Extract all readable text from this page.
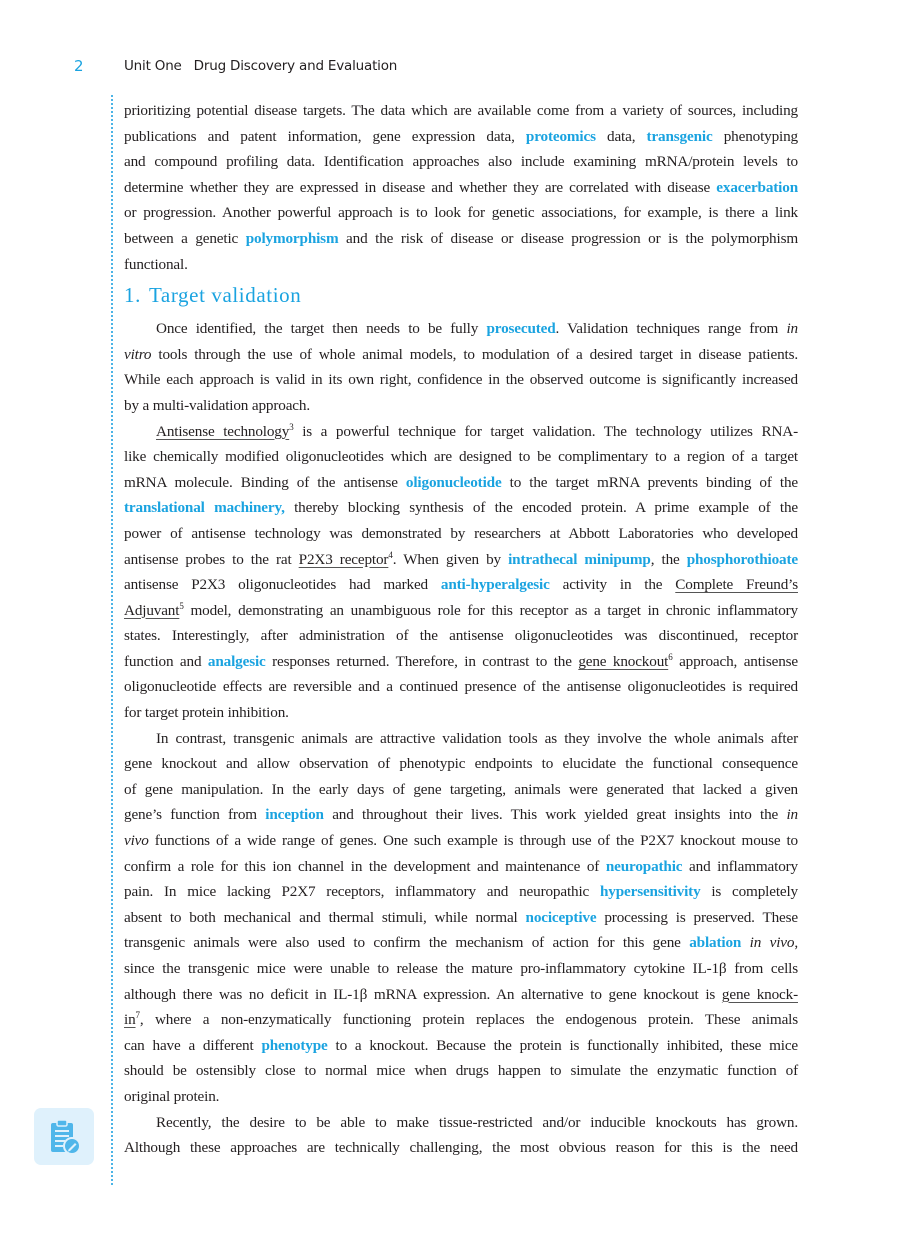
2	Unit One Drug Discovery and Evaluation
prioritizing potential disease targets. The data which are available come from a variety of sources, including
publications and patent information, gene expression data, proteomics data, transgenic phenotyping
and compound profiling data. Identification approaches also include examining mRNA/protein levels to
determine whether they are expressed in disease and whether they are correlated with disease exacerbation
or progression. Another powerful approach is to look for genetic associations, for example, is there a link
between a genetic polymorphism and the risk of disease or disease progression or is the polymorphism
functional.
1. Target validation
Once identified, the target then needs to be fully prosecuted. Validation techniques range from in
vitro tools through the use of whole animal models, to modulation of a desired target in disease patients.
While each approach is valid in its own right, confidence in the observed outcome is significantly increased
by a multi-validation approach.
Antisense technology$^3$ is a powerful technique for target validation. The technology utilizes RNA-
like chemically modified oligonucleotides which are designed to be complimentary to a region of a target
mRNA molecule. Binding of the antisense oligonucleotide to the target mRNA prevents binding of the
translational machinery, thereby blocking synthesis of the encoded protein. A prime example of the
power of antisense technology was demonstrated by researchers at Abbott Laboratories who developed
antisense probes to the rat P2X3 receptor$^4$. When given by intrathecal minipump, the phosphorothioate
antisense P2X3 oligonucleotides had marked anti-hyperalgesic activity in the Complete Freund’s
Adjuvant$^5$ model, demonstrating an unambiguous role for this receptor as a target in chronic inflammatory
states. Interestingly, after administration of the antisense oligonucleotides was discontinued, receptor
function and analgesic responses returned. Therefore, in contrast to the gene knockout$^6$ approach, antisense
oligonucleotide effects are reversible and a continued presence of the antisense oligonucleotides is required
for target protein inhibition.
In contrast, transgenic animals are attractive validation tools as they involve the whole animals after
gene knockout and allow observation of phenotypic endpoints to elucidate the functional consequence
of gene manipulation. In the early days of gene targeting, animals were generated that lacked a given
gene’s function from inception and throughout their lives. This work yielded great insights into the in
vivo functions of a wide range of genes. One such example is through use of the P2X7 knockout mouse to
confirm a role for this ion channel in the development and maintenance of neuropathic and inflammatory
pain. In mice lacking P2X7 receptors, inflammatory and neuropathic hypersensitivity is completely
absent to both mechanical and thermal stimuli, while normal nociceptive processing is preserved. These
transgenic animals were also used to confirm the mechanism of action for this gene ablation in vivo,
since the transgenic mice were unable to release the mature pro-inflammatory cytokine IL-1β from cells
although there was no deficit in IL-1β mRNA expression. An alternative to gene knockout is gene knock-
$in^7$, where a non-enzymatically functioning protein replaces the endogenous protein. These animals
can have a different phenotype to a knockout. Because the protein is functionally inhibited, these mice
should be ostensibly close to normal mice when drugs happen to simulate the enzymatic function of
original protein.
Recently, the desire to be able to make tissue-restricted and/or inducible knockouts has grown.
Although these approaches are technically challenging, the most obvious reason for this is the need
